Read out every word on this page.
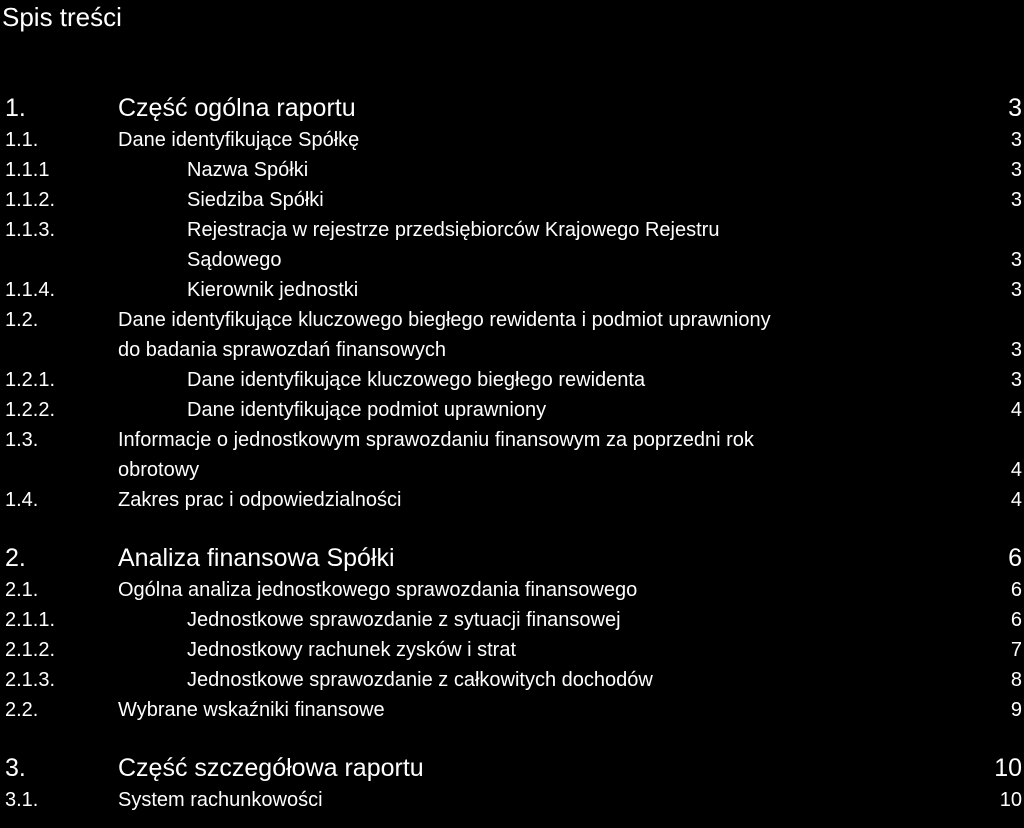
Spis treści
1.	Część ogólna raportu	3
1.1.	Dane identyfikujące Spółkę	3
1.1.1	Nazwa Spółki	3
1.1.2.	Siedziba Spółki	3
1.1.3.	Rejestracja w rejestrze przedsiębiorców Krajowego Rejestru
Sądowego	3
1.1.4.	Kierownik jednostki	3
1.2.	Dane identyfikujące kluczowego biegłego rewidenta i podmiot uprawniony
do badania sprawozdań finansowych	3
1.2.1.	Dane identyfikujące kluczowego biegłego rewidenta	3
1.2.2.	Dane identyfikujące podmiot uprawniony	4
1.3.	Informacje o jednostkowym sprawozdaniu finansowym za poprzedni rok
obrotowy	4
1.4.	Zakres prac i odpowiedzialności	4
2.	Analiza finansowa Spółki	6
2.1.	Ogólna analiza jednostkowego sprawozdania finansowego	6
2.1.1.	Jednostkowe sprawozdanie z sytuacji finansowej	6
2.1.2.	Jednostkowy rachunek zysków i strat	7
2.1.3.	Jednostkowe sprawozdanie z całkowitych dochodów	8
2.2.	Wybrane wskaźniki finansowe	9
3.	Część szczegółowa raportu	10
3.1.	System rachunkowości	10
